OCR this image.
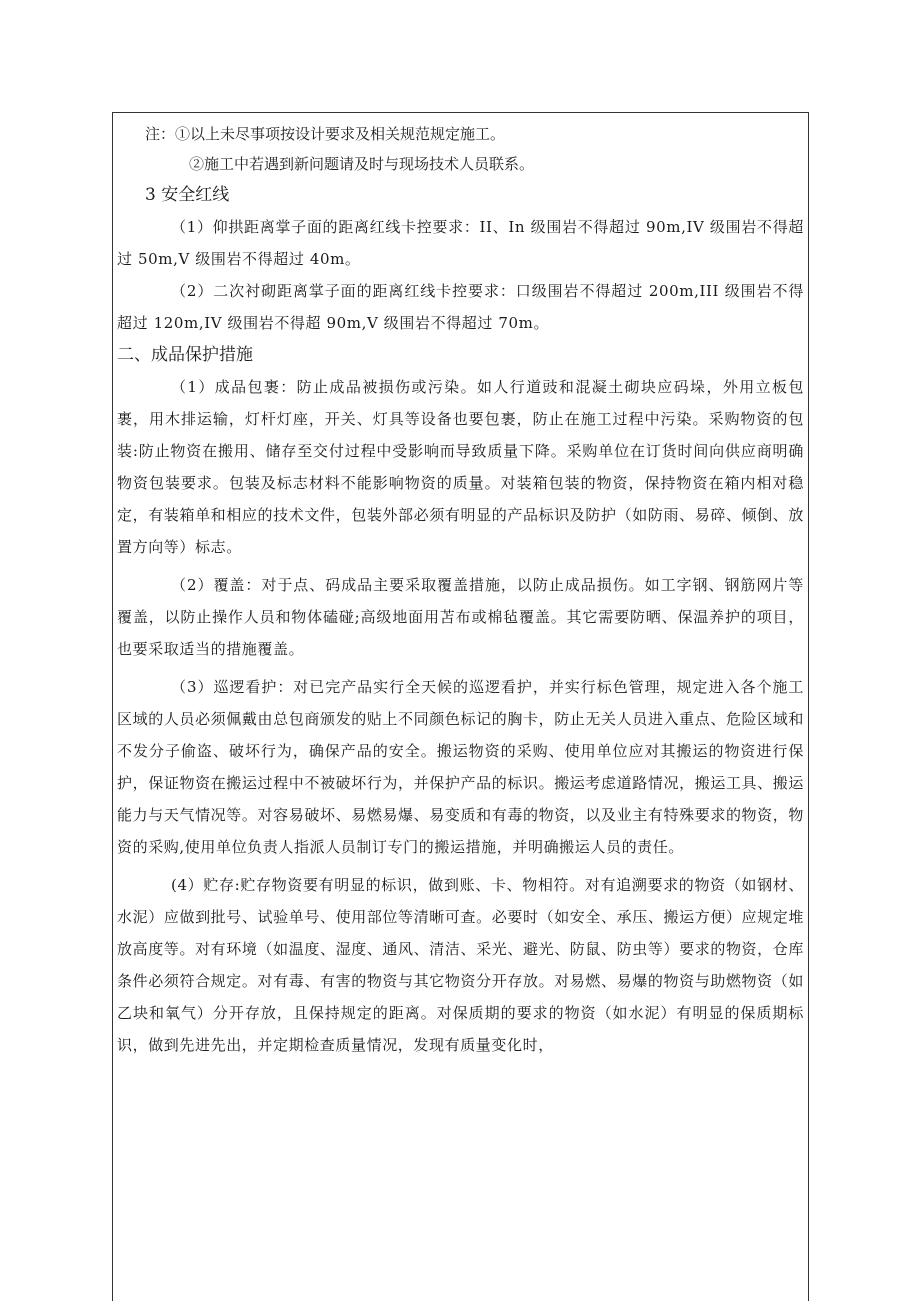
注：①以上未尽事项按设计要求及相关规范规定施工。
②施工中若遇到新问题请及时与现场技术人员联系。
3 安全红线

（1）仰拱距离掌子面的距离红线卡控要求：II、In 级围岩不得超过 90m,IV 级围岩不得超过 50m,V 级围岩不得超过 40m。

（2）二次衬砌距离掌子面的距离红线卡控要求：口级围岩不得超过 200m,III 级围岩不得超过 120m,IV 级围岩不得超 90m,V 级围岩不得超过 70m。

二、成品保护措施

（1）成品包裹：防止成品被损伤或污染。如人行道豉和混凝土砌块应码垛，外用立板包裹，用木排运输，灯杆灯座，开关、灯具等设备也要包裹，防止在施工过程中污染。采购物资的包装:防止物资在搬用、储存至交付过程中受影响而导致质量下降。采购单位在订货时间向供应商明确物资包装要求。包装及标志材料不能影响物资的质量。对装箱包装的物资，保持物资在箱内相对稳定，有装箱单和相应的技术文件，包装外部必须有明显的产品标识及防护（如防雨、易碎、倾倒、放置方向等）标志。

（2）覆盖：对于点、码成品主要采取覆盖措施，以防止成品损伤。如工字钢、钢筋网片等覆盖，以防止操作人员和物体磕碰;高级地面用苫布或棉毡覆盖。其它需要防晒、保温养护的项目，也要采取适当的措施覆盖。

（3）巡逻看护：对已完产品实行全天候的巡逻看护，并实行标色管理，规定进入各个施工区域的人员必须佩戴由总包商颁发的贴上不同颜色标记的胸卡，防止无关人员进入重点、危险区域和不发分子偷盗、破坏行为，确保产品的安全。搬运物资的采购、使用单位应对其搬运的物资进行保护，保证物资在搬运过程中不被破坏行为，并保护产品的标识。搬运考虑道路情况，搬运工具、搬运能力与天气情况等。对容易破坏、易燃易爆、易变质和有毒的物资，以及业主有特殊要求的物资，物资的采购,使用单位负责人指派人员制订专门的搬运措施，并明确搬运人员的责任。

(4）贮存:贮存物资要有明显的标识，做到账、卡、物相符。对有追溯要求的物资（如钢材、水泥）应做到批号、试验单号、使用部位等清晰可查。必要时（如安全、承压、搬运方便）应规定堆放高度等。对有环境（如温度、湿度、通风、清洁、采光、避光、防鼠、防虫等）要求的物资，仓库条件必须符合规定。对有毒、有害的物资与其它物资分开存放。对易燃、易爆的物资与助燃物资（如乙块和氧气）分开存放，且保持规定的距离。对保质期的要求的物资（如水泥）有明显的保质期标识，做到先进先出，并定期检查质量情况，发现有质量变化时，
